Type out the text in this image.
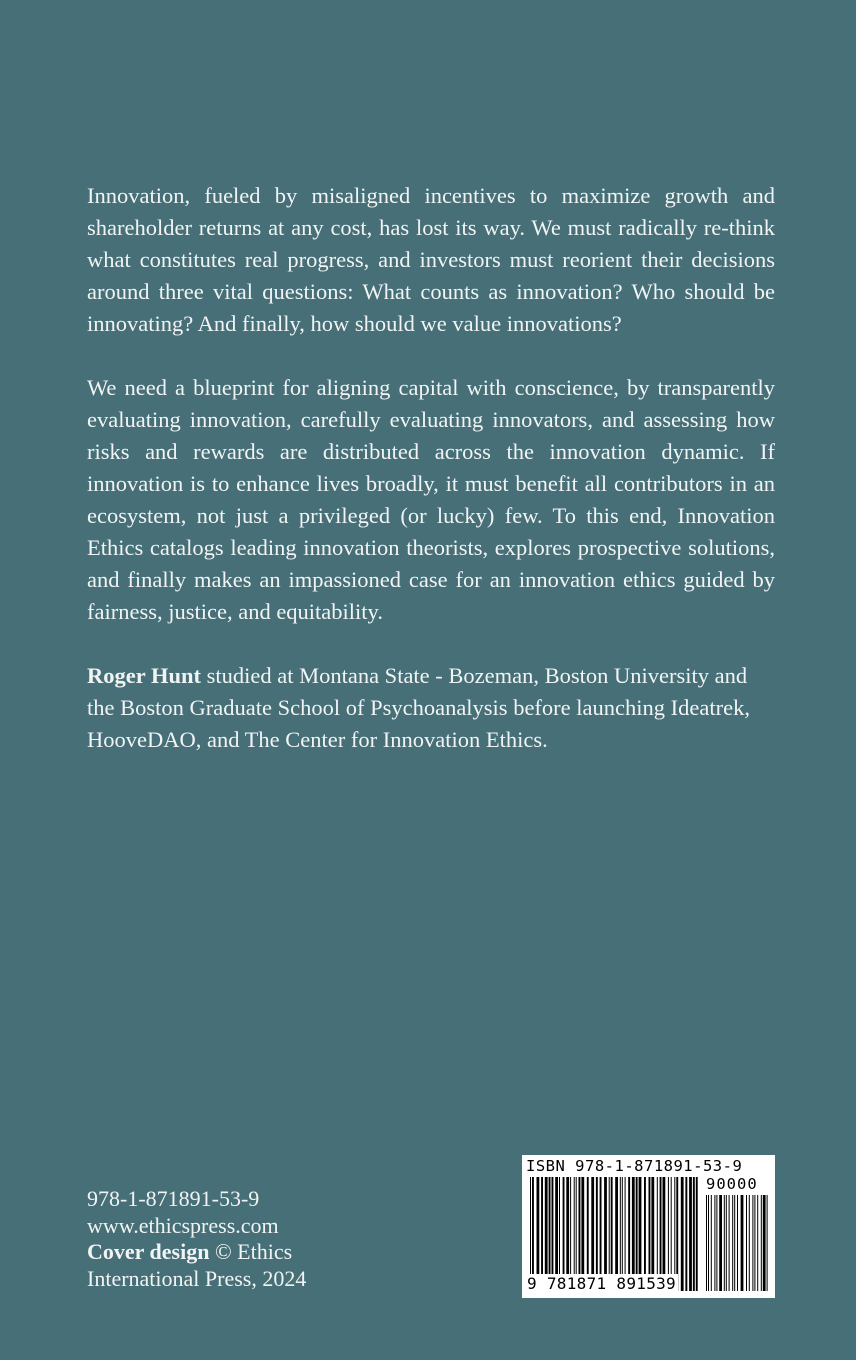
Innovation, fueled by misaligned incentives to maximize growth and shareholder returns at any cost, has lost its way. We must radically re-think what constitutes real progress, and investors must reorient their decisions around three vital questions: What counts as innovation? Who should be innovating? And finally, how should we value innovations?

We need a blueprint for aligning capital with conscience, by transparently evaluating innovation, carefully evaluating innovators, and assessing how risks and rewards are distributed across the innovation dynamic. If innovation is to enhance lives broadly, it must benefit all contributors in an ecosystem, not just a privileged (or lucky) few. To this end, Innovation Ethics catalogs leading innovation theorists, explores prospective solutions, and finally makes an impassioned case for an innovation ethics guided by fairness, justice, and equitability.

Roger Hunt studied at Montana State - Bozeman, Boston University and the Boston Graduate School of Psychoanalysis before launching Ideatrek, HooveDAO, and The Center for Innovation Ethics.

978-1-871891-53-9
www.ethicspress.com
Cover design © Ethics
International Press, 2024
ISBN 978-1-871891-53-9
90000
9 781871 891539
